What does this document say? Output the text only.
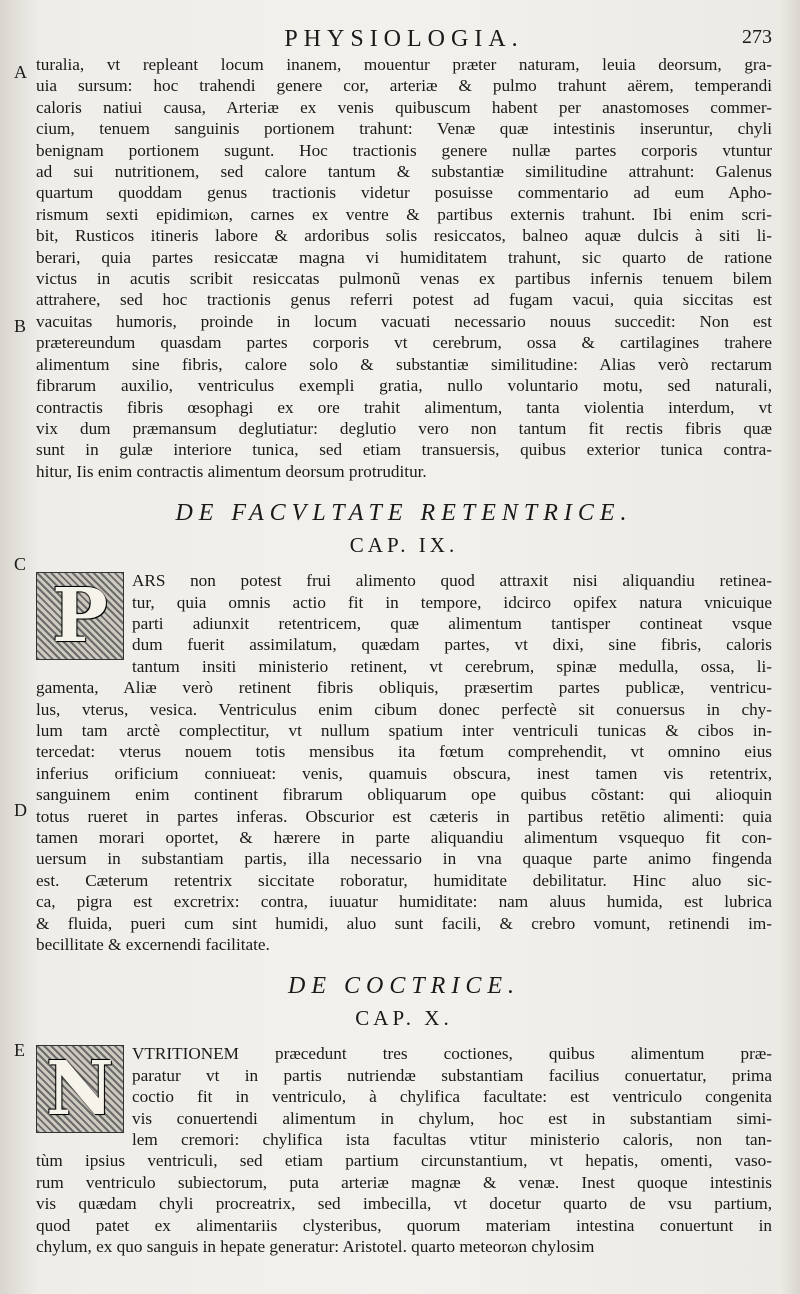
PHYSIOLOGIA.	273
A
B
C
D
E

turalia, vt repleant locum inanem, mouentur præter naturam, leuia deorsum, gra-

uia sursum: hoc trahendi genere cor, arteriæ & pulmo trahunt aërem, temperandi

caloris natiui causa, Arteriæ ex venis quibuscum habent per anastomoses commer-

cium, tenuem sanguinis portionem trahunt: Venæ quæ intestinis inseruntur, chyli

benignam portionem sugunt. Hoc tractionis genere nullæ partes corporis vtuntur

ad sui nutritionem, sed calore tantum & substantiæ similitudine attrahunt: Galenus

quartum quoddam genus tractionis videtur posuisse commentario ad eum Apho-

rismum sexti epidimiωn, carnes ex ventre & partibus externis trahunt. Ibi enim scri-

bit, Rusticos itineris labore & ardoribus solis resiccatos, balneo aquæ dulcis à siti li-

berari, quia partes resiccatæ magna vi humiditatem trahunt, sic quarto de ratione

victus in acutis scribit resiccatas pulmonũ venas ex partibus infernis tenuem bilem

attrahere, sed hoc tractionis genus referri potest ad fugam vacui, quia siccitas est

vacuitas humoris, proinde in locum vacuati necessario nouus succedit: Non est

prætereundum quasdam partes corporis vt cerebrum, ossa & cartilagines trahere

alimentum sine fibris, calore solo & substantiæ similitudine: Alias verò rectarum

fibrarum auxilio, ventriculus exempli gratia, nullo voluntario motu, sed naturali,

contractis fibris œsophagi ex ore trahit alimentum, tanta violentia interdum, vt

vix dum præmansum deglutiatur: deglutio vero non tantum fit rectis fibris quæ

sunt in gulæ interiore tunica, sed etiam transuersis, quibus exterior tunica contra-

hitur, Iis enim contractis alimentum deorsum protruditur.

DE FACVLTATE RETENTRICE.
CAP. IX.
P	ARS non potest frui alimento quod attraxit nisi aliquandiu retinea-

tur, quia omnis actio fit in tempore, idcirco opifex natura vnicuique

parti adiunxit retentricem, quæ alimentum tantisper contineat vsque

dum fuerit assimilatum, quædam partes, vt dixi, sine fibris, caloris

tantum insiti ministerio retinent, vt cerebrum, spinæ medulla, ossa, li-

gamenta, Aliæ verò retinent fibris obliquis, præsertim partes publicæ, ventricu-

lus, vterus, vesica. Ventriculus enim cibum donec perfectè sit conuersus in chy-

lum tam arctè complectitur, vt nullum spatium inter ventriculi tunicas & cibos in-

tercedat: vterus nouem totis mensibus ita fœtum comprehendit, vt omnino eius

inferius orificium conniueat: venis, quamuis obscura, inest tamen vis retentrix,

sanguinem enim continent fibrarum obliquarum ope quibus cõstant: qui alioquin

totus rueret in partes inferas. Obscurior est cæteris in partibus retētio alimenti: quia

tamen morari oportet, & hærere in parte aliquandiu alimentum vsquequo fit con-

uersum in substantiam partis, illa necessario in vna quaque parte animo fingenda

est. Cæterum retentrix siccitate roboratur, humiditate debilitatur. Hinc aluo sic-

ca, pigra est excretrix: contra, iuuatur humiditate: nam aluus humida, est lubrica

& fluida, pueri cum sint humidi, aluo sunt facili, & crebro vomunt, retinendi im-

becillitate & excernendi facilitate.

DE COCTRICE.
CAP. X.
N	VTRITIONEM præcedunt tres coctiones, quibus alimentum præ-

paratur vt in partis nutriendæ substantiam facilius conuertatur, prima

coctio fit in ventriculo, à chylifica facultate: est ventriculo congenita

vis conuertendi alimentum in chylum, hoc est in substantiam simi-

lem cremori: chylifica ista facultas vtitur ministerio caloris, non tan-

tùm ipsius ventriculi, sed etiam partium circunstantium, vt hepatis, omenti, vaso-

rum ventriculo subiectorum, puta arteriæ magnæ & venæ. Inest quoque intestinis

vis quædam chyli procreatrix, sed imbecilla, vt docetur quarto de vsu partium,

quod patet ex alimentariis clysteribus, quorum materiam intestina conuertunt in

chylum, ex quo sanguis in hepate generatur: Aristotel. quarto meteorωn chylosim
